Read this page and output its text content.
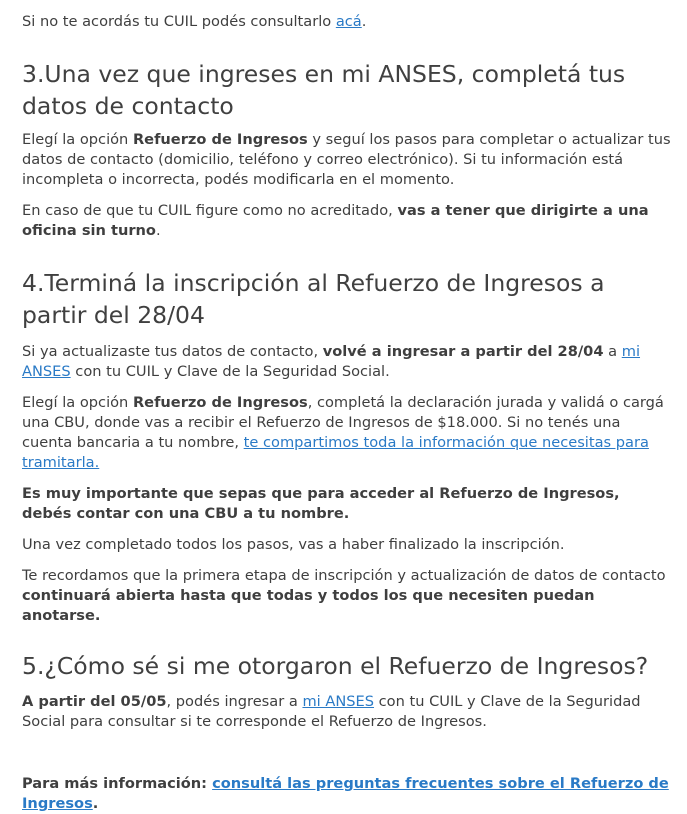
Si no te acordás tu CUIL podés consultarlo acá.

3.Una vez que ingreses en mi ANSES, completá tus datos de contacto

Elegí la opción Refuerzo de Ingresos y seguí los pasos para completar o actualizar tus datos de contacto (domicilio, teléfono y correo electrónico). Si tu información está incompleta o incorrecta, podés modificarla en el momento.

En caso de que tu CUIL figure como no acreditado, vas a tener que dirigirte a una oficina sin turno.

4.Terminá la inscripción al Refuerzo de Ingresos a partir del 28/04

Si ya actualizaste tus datos de contacto, volvé a ingresar a partir del 28/04 a mi ANSES con tu CUIL y Clave de la Seguridad Social.

Elegí la opción Refuerzo de Ingresos, completá la declaración jurada y validá o cargá una CBU, donde vas a recibir el Refuerzo de Ingresos de $18.000. Si no tenés una cuenta bancaria a tu nombre, te compartimos toda la información que necesitas para tramitarla.

Es muy importante que sepas que para acceder al Refuerzo de Ingresos, debés contar con una CBU a tu nombre.

Una vez completado todos los pasos, vas a haber finalizado la inscripción.

Te recordamos que la primera etapa de inscripción y actualización de datos de contacto continuará abierta hasta que todas y todos los que necesiten puedan anotarse.

5.¿Cómo sé si me otorgaron el Refuerzo de Ingresos?

A partir del 05/05, podés ingresar a mi ANSES con tu CUIL y Clave de la Seguridad Social para consultar si te corresponde el Refuerzo de Ingresos.

Para más información: consultá las preguntas frecuentes sobre el Refuerzo de Ingresos.
